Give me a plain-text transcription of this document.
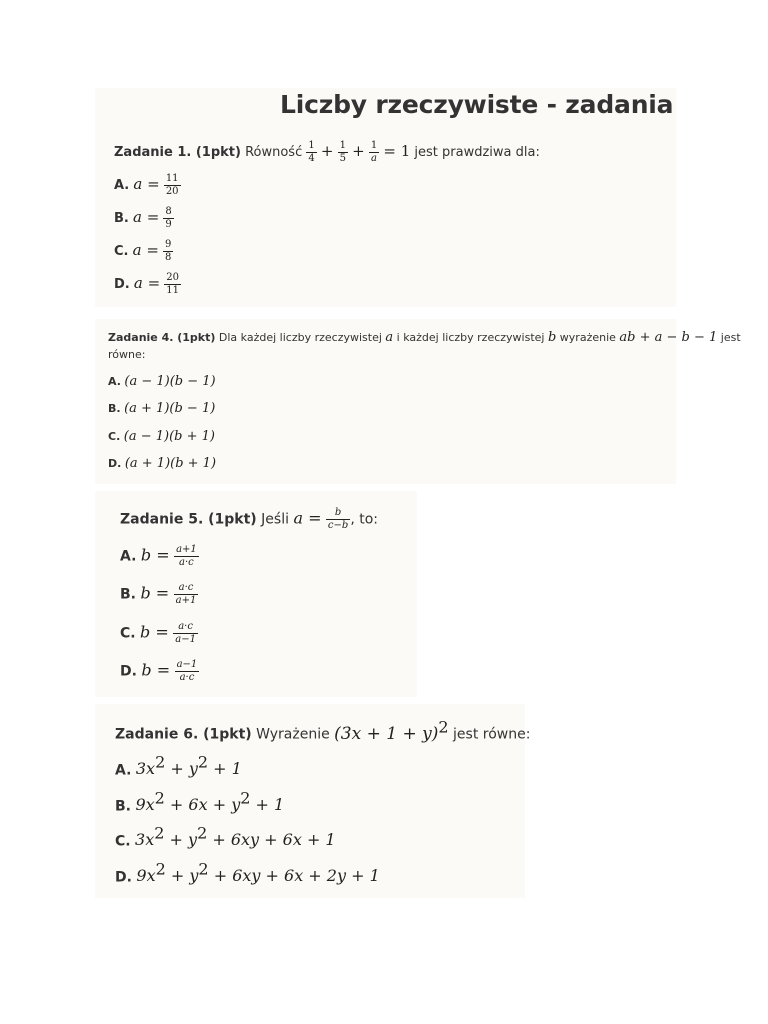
Liczby rzeczywiste - zadania
Zadanie 1. (1pkt) Równość $\frac{1}{4} + \frac{1}{5} + \frac{1}{a} = 1$ jest prawdziwa dla:
A. $a = \frac{11}{20}$
B. $a = \frac{8}{9}$
C. $a = \frac{9}{8}$
D. $a = \frac{20}{11}$
Zadanie 4. (1pkt) Dla każdej liczby rzeczywistej a i każdej liczby rzeczywistej b wyrażenie ab + a − b − 1 jest
równe:
A. (a − 1)(b − 1)
B. (a + 1)(b − 1)
C. (a − 1)(b + 1)
D. (a + 1)(b + 1)
Zadanie 5. (1pkt) Jeśli $a = \frac{b}{c-b}$ , to:
A. $b = \frac{a+1}{a\cdot c}$
B. $b = \frac{a\cdot c}{a+1}$
C. $b = \frac{a\cdot c}{a-1}$
D. $b = \frac{a-1}{a\cdot c}$
Zadanie 6. (1pkt) Wyrażenie $(3x + 1 + y)^2$ jest równe:
A. $3x^2 + y^2 + 1$
B. $9x^2 + 6x + y^2 + 1$
C. $3x^2 + y^2 + 6xy + 6x + 1$
D. $9x^2 + y^2 + 6xy + 6x + 2y + 1$
